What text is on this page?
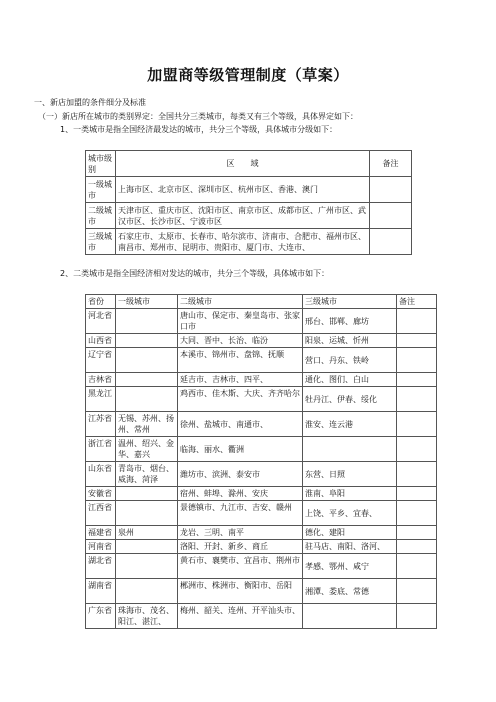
加盟商等级管理制度（草案）
一、新店加盟的条件细分及标准
（一）新店所在城市的类别界定：全国共分三类城市，每类又有三个等级，具体界定如下：
1、一类城市是指全国经济最发达的城市，共分三个等级，具体城市分级如下：
城市级别	区　　域	备注
一级城市	上海市区、北京市区、深圳市区、杭州市区、香港、澳门	
二级城市	天津市区、重庆市区、沈阳市区、南京市区、成都市区、广州市区、武汉市区、长沙市区、宁波市区	
三级城市	石家庄市、太原市、长春市、哈尔滨市、济南市、合肥市、福州市区、南昌市、郑州市、昆明市、贵阳市、厦门市、大连市、	
2、二类城市是指全国经济相对发达的城市，共分三个等级，具体城市如下：
省份	一级城市	二级城市	三级城市	备注
河北省		唐山市、保定市、秦皇岛市、张家口市	邢台、邯郸、廊坊	
山西省		大同、晋中、长治、临汾	阳泉、运城、忻州	
辽宁省		本溪市、锦州市、盘锦、抚顺	营口、丹东、铁岭	
吉林省		延吉市、吉林市、四平、	通化、图们、白山	
黑龙江		鸡西市、佳木斯、大庆、齐齐哈尔	牡丹江、伊春、绥化	
江苏省	无锡、苏州、扬州、常州	徐州、盐城市、南通市、	淮安、连云港	
浙江省	温州、绍兴、金华、嘉兴	临海、丽水、衢洲		
山东省	青岛市、烟台、威海、菏泽	潍坊市、滨洲、泰安市	东营、日照	
安徽省		宿州、蚌埠、滁州、安庆	淮南、阜阳	
江西省		景德镇市、九江市、吉安、赣州	上饶、平乡、宜春、	
福建省	泉州	龙岩、三明、南平	德化、建阳	
河南省		洛阳、开封、新乡、商丘	驻马店、南阳、洛河、	
湖北省		黄石市、襄樊市、宜昌市、荆州市	孝感、鄂州、咸宁	
湖南省		郴洲市、株洲市、衡阳市、岳阳	湘潭、娄底、常德	
广东省	珠海市、茂名、阳江、湛江、	梅州、韶关、连州、开平汕头市、		
